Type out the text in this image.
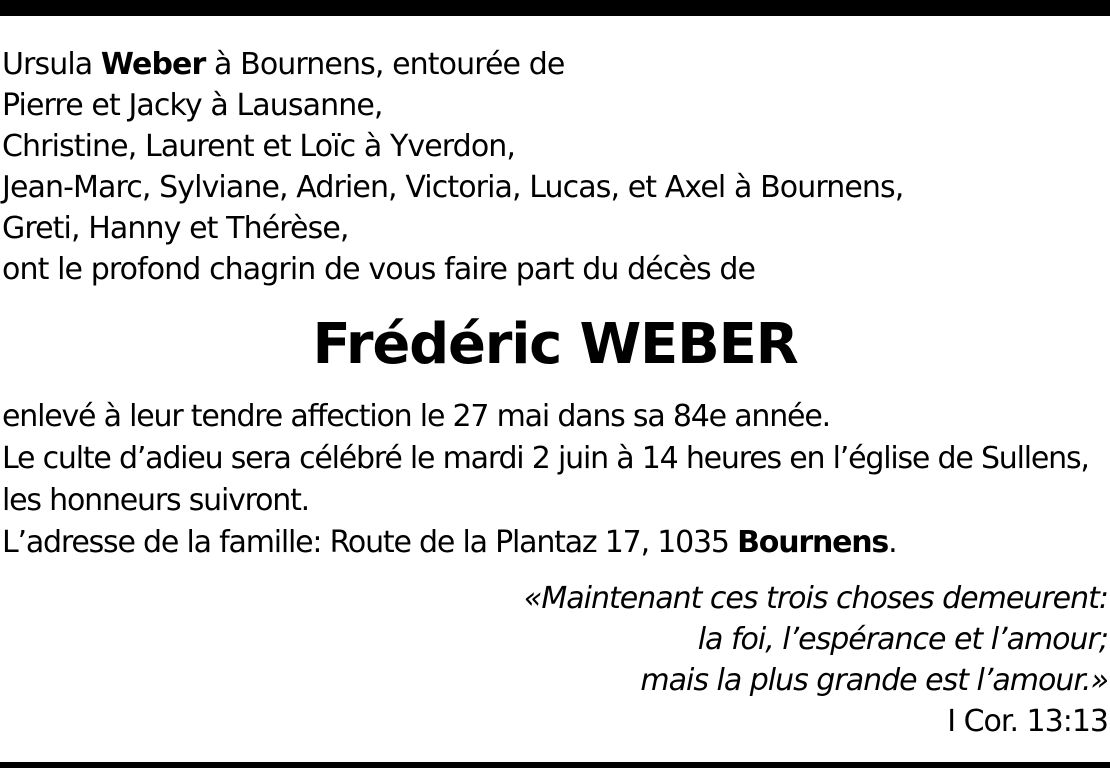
Ursula Weber à Bournens, entourée de
Pierre et Jacky à Lausanne,
Christine, Laurent et Loïc à Yverdon,
Jean-Marc, Sylviane, Adrien, Victoria, Lucas, et Axel à Bournens,
Greti, Hanny et Thérèse,
ont le profond chagrin de vous faire part du décès de
Frédéric WEBER
enlevé à leur tendre affection le 27 mai dans sa 84e année.
Le culte d’adieu sera célébré le mardi 2 juin à 14 heures en l’église de Sullens,
les honneurs suivront.
L’adresse de la famille: Route de la Plantaz 17, 1035 Bournens.
«Maintenant ces trois choses demeurent:
la foi, l’espérance et l’amour;
mais la plus grande est l’amour.»
I Cor. 13:13
